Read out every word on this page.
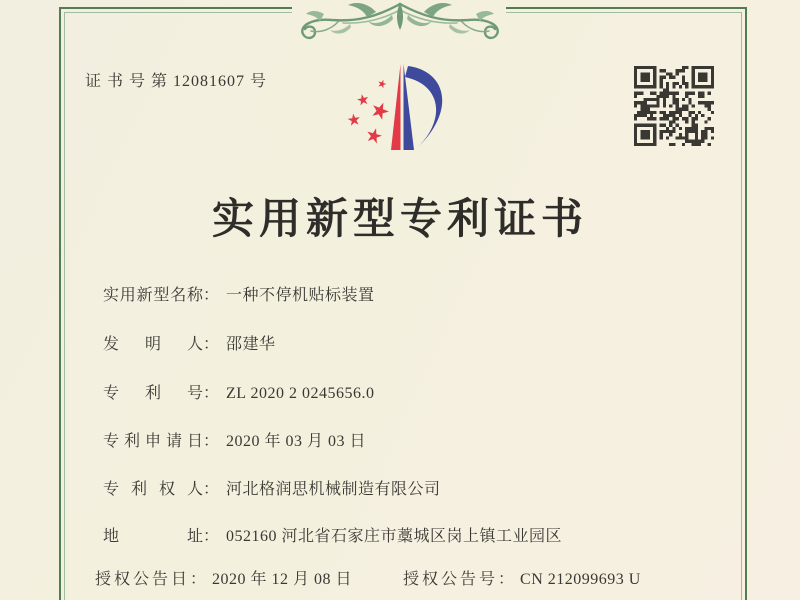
证 书 号 第 12081607 号
实用新型专利证书
实用新型名称： 一种不停机贴标装置
发明人： 邵建华
专利号： ZL 2020 2 0245656.0
专利申请日： 2020 年 03 月 03 日
专利权人： 河北格润思机械制造有限公司
地址： 052160 河北省石家庄市藁城区岗上镇工业园区
授权公告日： 2020 年 12 月 08 日	授权公告号： CN 212099693 U
